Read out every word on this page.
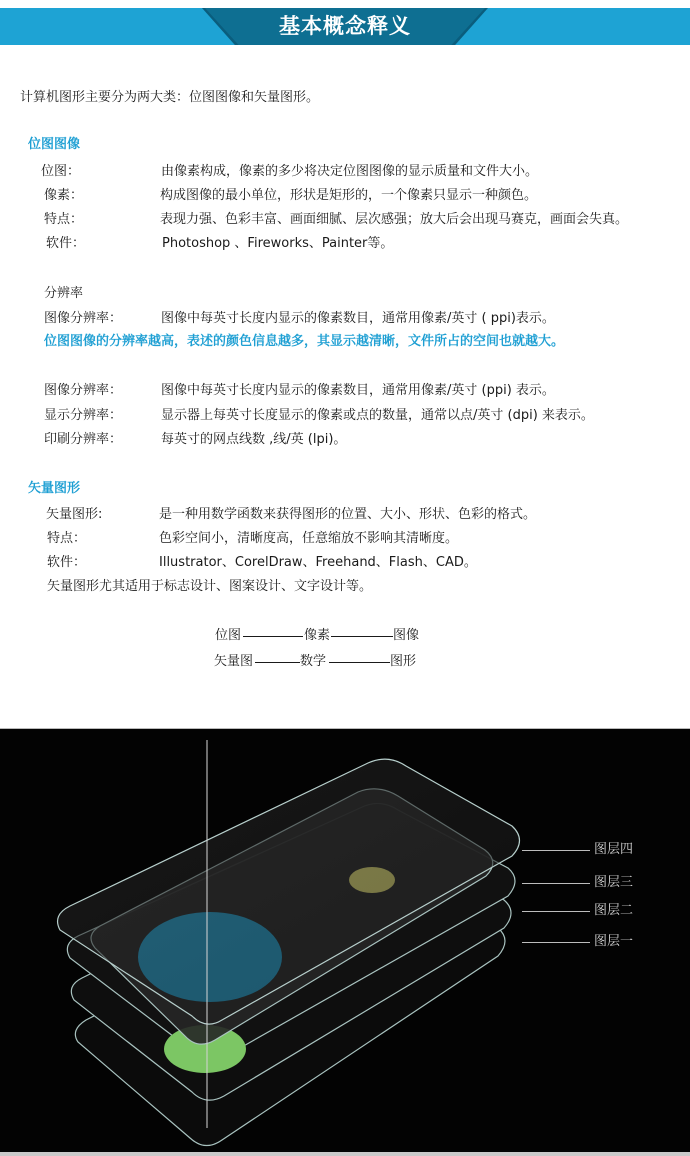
基本概念释义
计算机图形主要分为两大类：位图图像和矢量图形。
位图图像
位图：	由像素构成，像素的多少将决定位图图像的显示质量和文件大小。
像素：	构成图像的最小单位，形状是矩形的，一个像素只显示一种颜色。
特点：	表现力强、色彩丰富、画面细腻、层次感强；放大后会出现马赛克，画面会失真。
软件：	Photoshop 、Fireworks、Painter等。
分辨率
图像分辨率：	图像中每英寸长度内显示的像素数目，通常用像素/英寸 ( ppi)表示。
位图图像的分辨率越高，表述的颜色信息越多，其显示越清晰，文件所占的空间也就越大。
图像分辨率：	图像中每英寸长度内显示的像素数目，通常用像素/英寸 (ppi) 表示。
显示分辨率：	显示器上每英寸长度显示的像素或点的数量，通常以点/英寸 (dpi) 来表示。
印刷分辨率：	每英寸的网点线数 ,线/英 (lpi)。
矢量图形
矢量图形:	是一种用数学函数来获得图形的位置、大小、形状、色彩的格式。
特点：	色彩空间小，清晰度高，任意缩放不影响其清晰度。
软件：	Illustrator、CorelDraw、Freehand、Flash、CAD。
矢量图形尤其适用于标志设计、图案设计、文字设计等。
位图	像素	图像
矢量图	数学	图形
图层四
图层三
图层二
图层一
